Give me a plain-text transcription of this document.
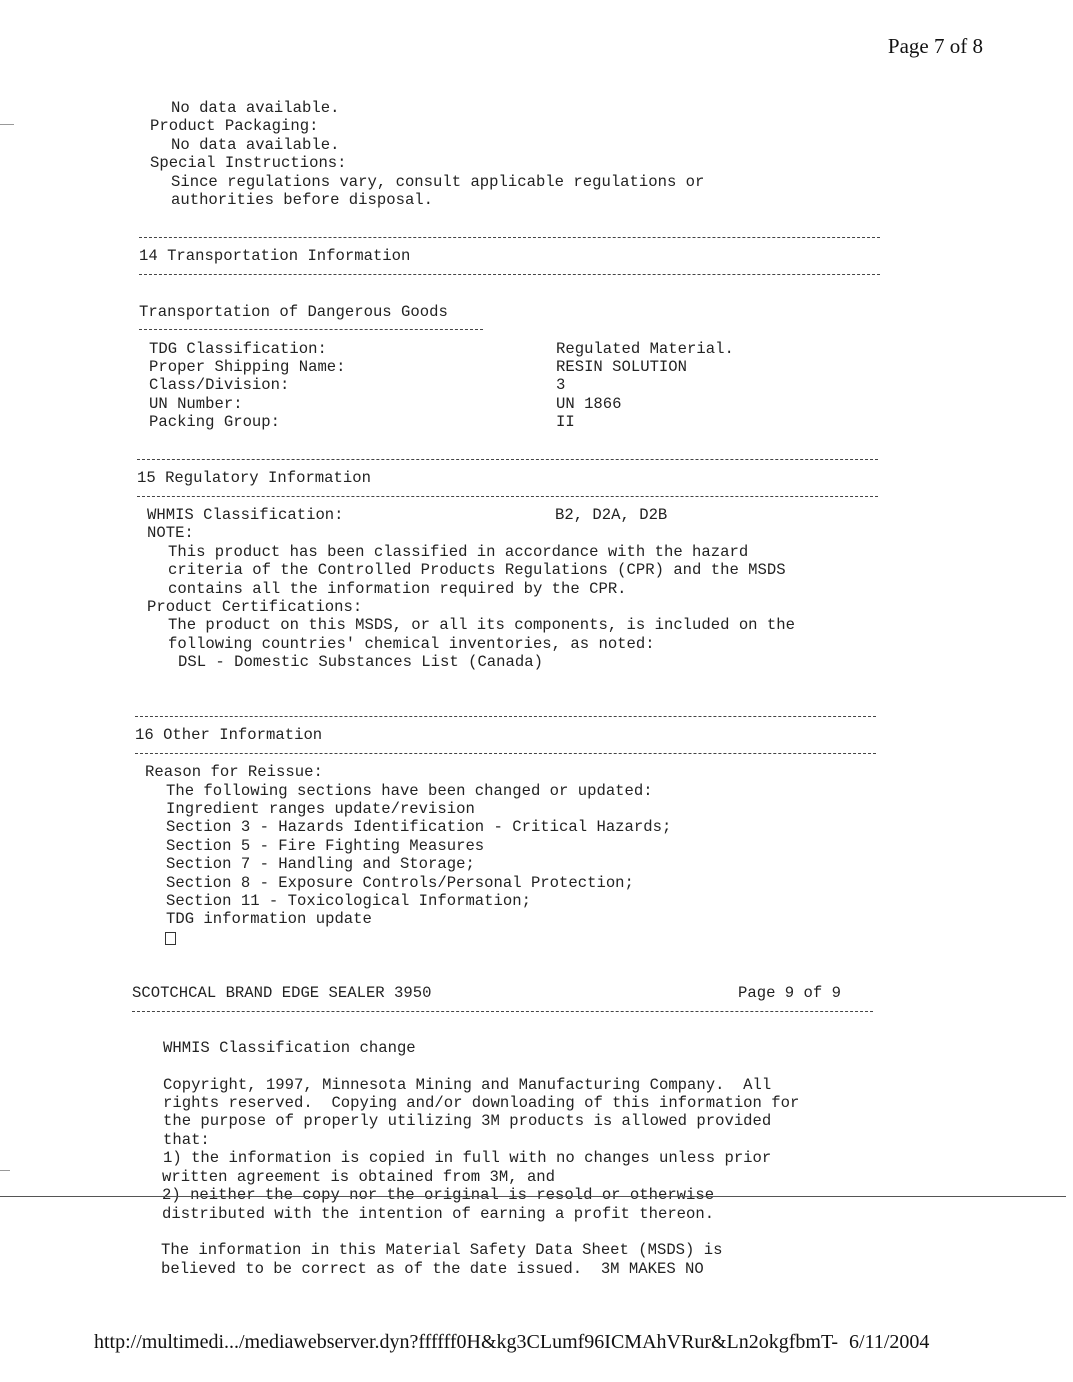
Page 7 of 8
No data available.
Product Packaging:
No data available.
Special Instructions:
Since regulations vary, consult applicable regulations or
authorities before disposal.
14 Transportation Information
Transportation of Dangerous Goods
TDG Classification:	Regulated Material.
Proper Shipping Name:	RESIN SOLUTION
Class/Division:	3
UN Number:	UN 1866
Packing Group:	II
15 Regulatory Information
WHMIS Classification:	B2, D2A, D2B
NOTE:
This product has been classified in accordance with the hazard
criteria of the Controlled Products Regulations (CPR) and the MSDS
contains all the information required by the CPR.
Product Certifications:
The product on this MSDS, or all its components, is included on the
following countries' chemical inventories, as noted:
DSL - Domestic Substances List (Canada)
16 Other Information
Reason for Reissue:
The following sections have been changed or updated:
Ingredient ranges update/revision
Section 3 - Hazards Identification - Critical Hazards;
Section 5 - Fire Fighting Measures
Section 7 - Handling and Storage;
Section 8 - Exposure Controls/Personal Protection;
Section 11 - Toxicological Information;
TDG information update
SCOTCHCAL BRAND EDGE SEALER 3950	Page 9 of 9
WHMIS Classification change
Copyright, 1997, Minnesota Mining and Manufacturing Company.  All
rights reserved.  Copying and/or downloading of this information for
the purpose of properly utilizing 3M products is allowed provided
that:
1) the information is copied in full with no changes unless prior
written agreement is obtained from 3M, and
2) neither the copy nor the original is resold or otherwise
distributed with the intention of earning a profit thereon.
The information in this Material Safety Data Sheet (MSDS) is
believed to be correct as of the date issued.  3M MAKES NO
http://multimedi.../mediawebserver.dyn?ffffff0H&kg3CLumf96ICMAhVRur&Ln2okgfbmT- 6/11/2004
